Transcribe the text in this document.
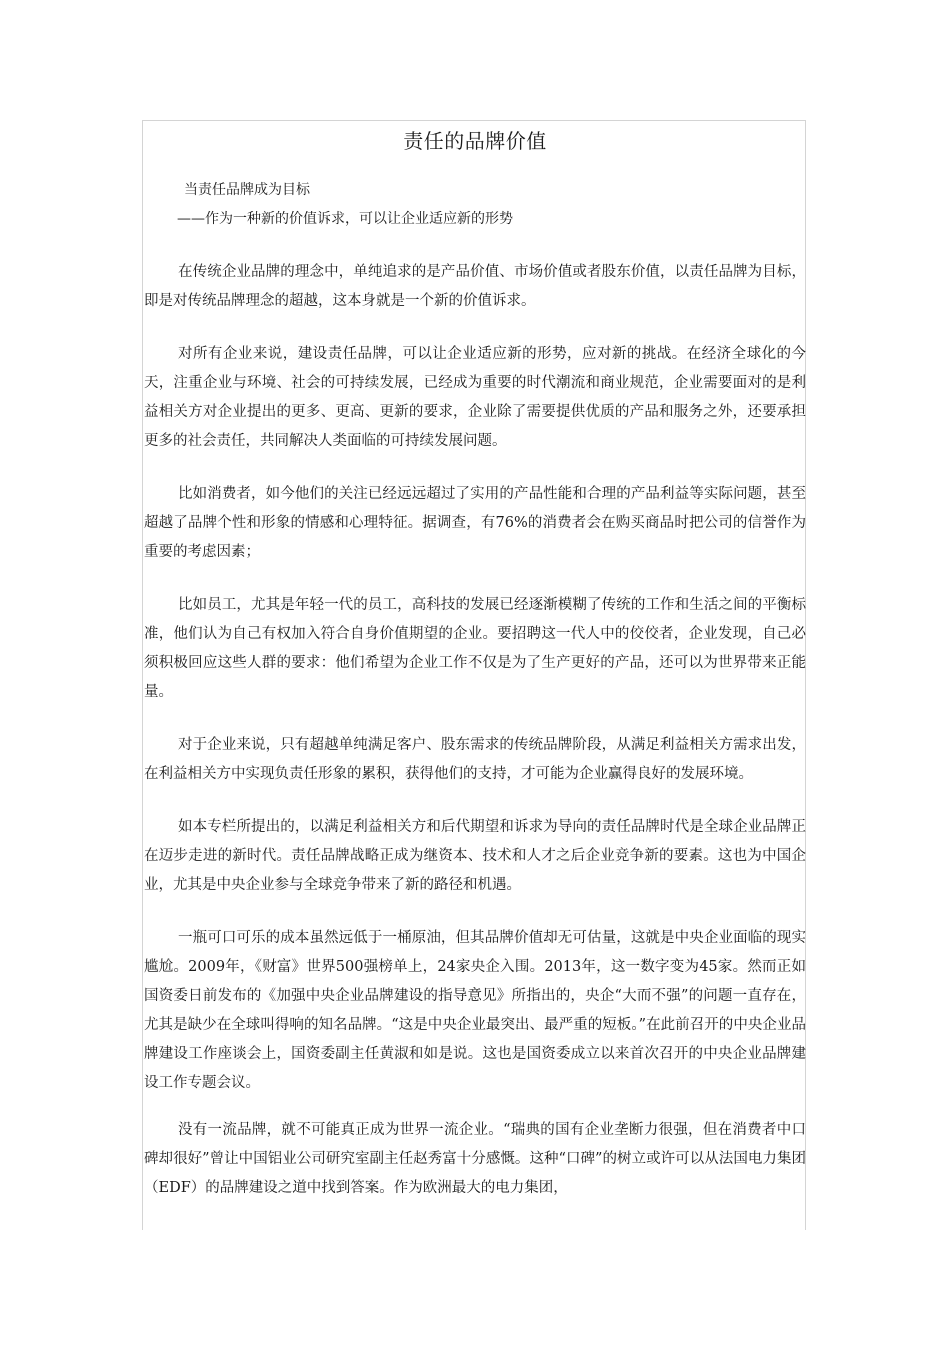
责任的品牌价值

当责任品牌成为目标

——作为一种新的价值诉求，可以让企业适应新的形势

在传统企业品牌的理念中，单纯追求的是产品价值、市场价值或者股东价值，以责任品牌为目标，即是对传统品牌理念的超越，这本身就是一个新的价值诉求。

对所有企业来说，建设责任品牌，可以让企业适应新的形势，应对新的挑战。在经济全球化的今天，注重企业与环境、社会的可持续发展，已经成为重要的时代潮流和商业规范，企业需要面对的是利益相关方对企业提出的更多、更高、更新的要求，企业除了需要提供优质的产品和服务之外，还要承担更多的社会责任，共同解决人类面临的可持续发展问题。

比如消费者，如今他们的关注已经远远超过了实用的产品性能和合理的产品利益等实际问题，甚至超越了品牌个性和形象的情感和心理特征。据调查，有76%的消费者会在购买商品时把公司的信誉作为重要的考虑因素；

比如员工，尤其是年轻一代的员工，高科技的发展已经逐渐模糊了传统的工作和生活之间的平衡标准，他们认为自己有权加入符合自身价值期望的企业。要招聘这一代人中的佼佼者，企业发现，自己必须积极回应这些人群的要求：他们希望为企业工作不仅是为了生产更好的产品，还可以为世界带来正能量。

对于企业来说，只有超越单纯满足客户、股东需求的传统品牌阶段，从满足利益相关方需求出发，在利益相关方中实现负责任形象的累积，获得他们的支持，才可能为企业赢得良好的发展环境。

如本专栏所提出的，以满足利益相关方和后代期望和诉求为导向的责任品牌时代是全球企业品牌正在迈步走进的新时代。责任品牌战略正成为继资本、技术和人才之后企业竞争新的要素。这也为中国企业，尤其是中央企业参与全球竞争带来了新的路径和机遇。

一瓶可口可乐的成本虽然远低于一桶原油，但其品牌价值却无可估量，这就是中央企业面临的现实尴尬。2009年，《财富》世界500强榜单上，24家央企入围。2013年，这一数字变为45家。然而正如国资委日前发布的《加强中央企业品牌建设的指导意见》所指出的，央企“大而不强”的问题一直存在，尤其是缺少在全球叫得响的知名品牌。“这是中央企业最突出、最严重的短板。”在此前召开的中央企业品牌建设工作座谈会上，国资委副主任黄淑和如是说。这也是国资委成立以来首次召开的中央企业品牌建设工作专题会议。

没有一流品牌，就不可能真正成为世界一流企业。“瑞典的国有企业垄断力很强，但在消费者中口碑却很好”曾让中国铝业公司研究室副主任赵秀富十分感慨。这种“口碑”的树立或许可以从法国电力集团（EDF）的品牌建设之道中找到答案。作为欧洲最大的电力集团，
